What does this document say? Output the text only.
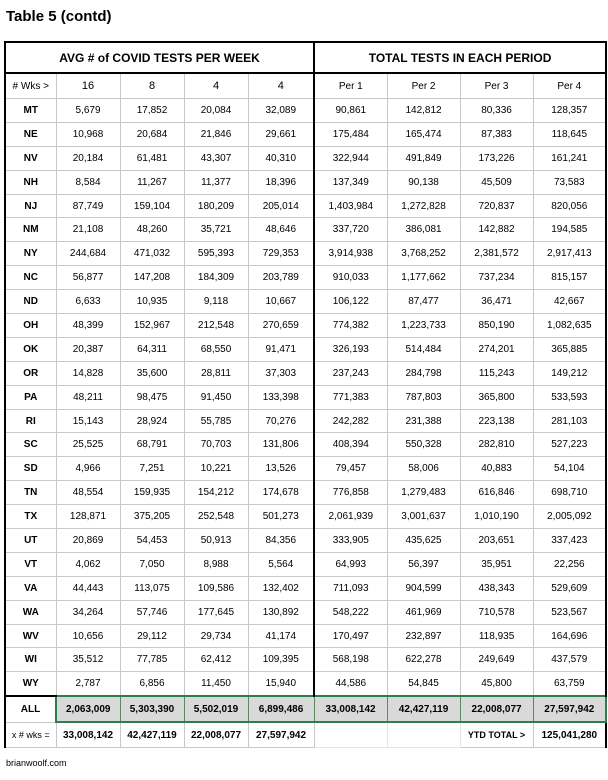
Table 5 (contd)
AVG # of COVID TESTS PER WEEK					TOTAL TESTS IN EACH PERIOD			
# Wks >	16	8	4	4	Per 1	Per 2	Per 3	Per 4
MT	5,679	17,852	20,084	32,089	90,861	142,812	80,336	128,357
NE	10,968	20,684	21,846	29,661	175,484	165,474	87,383	118,645
NV	20,184	61,481	43,307	40,310	322,944	491,849	173,226	161,241
NH	8,584	11,267	11,377	18,396	137,349	90,138	45,509	73,583
NJ	87,749	159,104	180,209	205,014	1,403,984	1,272,828	720,837	820,056
NM	21,108	48,260	35,721	48,646	337,720	386,081	142,882	194,585
NY	244,684	471,032	595,393	729,353	3,914,938	3,768,252	2,381,572	2,917,413
NC	56,877	147,208	184,309	203,789	910,033	1,177,662	737,234	815,157
ND	6,633	10,935	9,118	10,667	106,122	87,477	36,471	42,667
OH	48,399	152,967	212,548	270,659	774,382	1,223,733	850,190	1,082,635
OK	20,387	64,311	68,550	91,471	326,193	514,484	274,201	365,885
OR	14,828	35,600	28,811	37,303	237,243	284,798	115,243	149,212
PA	48,211	98,475	91,450	133,398	771,383	787,803	365,800	533,593
RI	15,143	28,924	55,785	70,276	242,282	231,388	223,138	281,103
SC	25,525	68,791	70,703	131,806	408,394	550,328	282,810	527,223
SD	4,966	7,251	10,221	13,526	79,457	58,006	40,883	54,104
TN	48,554	159,935	154,212	174,678	776,858	1,279,483	616,846	698,710
TX	128,871	375,205	252,548	501,273	2,061,939	3,001,637	1,010,190	2,005,092
UT	20,869	54,453	50,913	84,356	333,905	435,625	203,651	337,423
VT	4,062	7,050	8,988	5,564	64,993	56,397	35,951	22,256
VA	44,443	113,075	109,586	132,402	711,093	904,599	438,343	529,609
WA	34,264	57,746	177,645	130,892	548,222	461,969	710,578	523,567
WV	10,656	29,112	29,734	41,174	170,497	232,897	118,935	164,696
WI	35,512	77,785	62,412	109,395	568,198	622,278	249,649	437,579
WY	2,787	6,856	11,450	15,940	44,586	54,845	45,800	63,759
ALL	2,063,009	5,303,390	5,502,019	6,899,486	33,008,142	42,427,119	22,008,077	27,597,942
x # wks =	33,008,142	42,427,119	22,008,077	27,597,942			YTD TOTAL >	125,041,280
brianwoolf.com
